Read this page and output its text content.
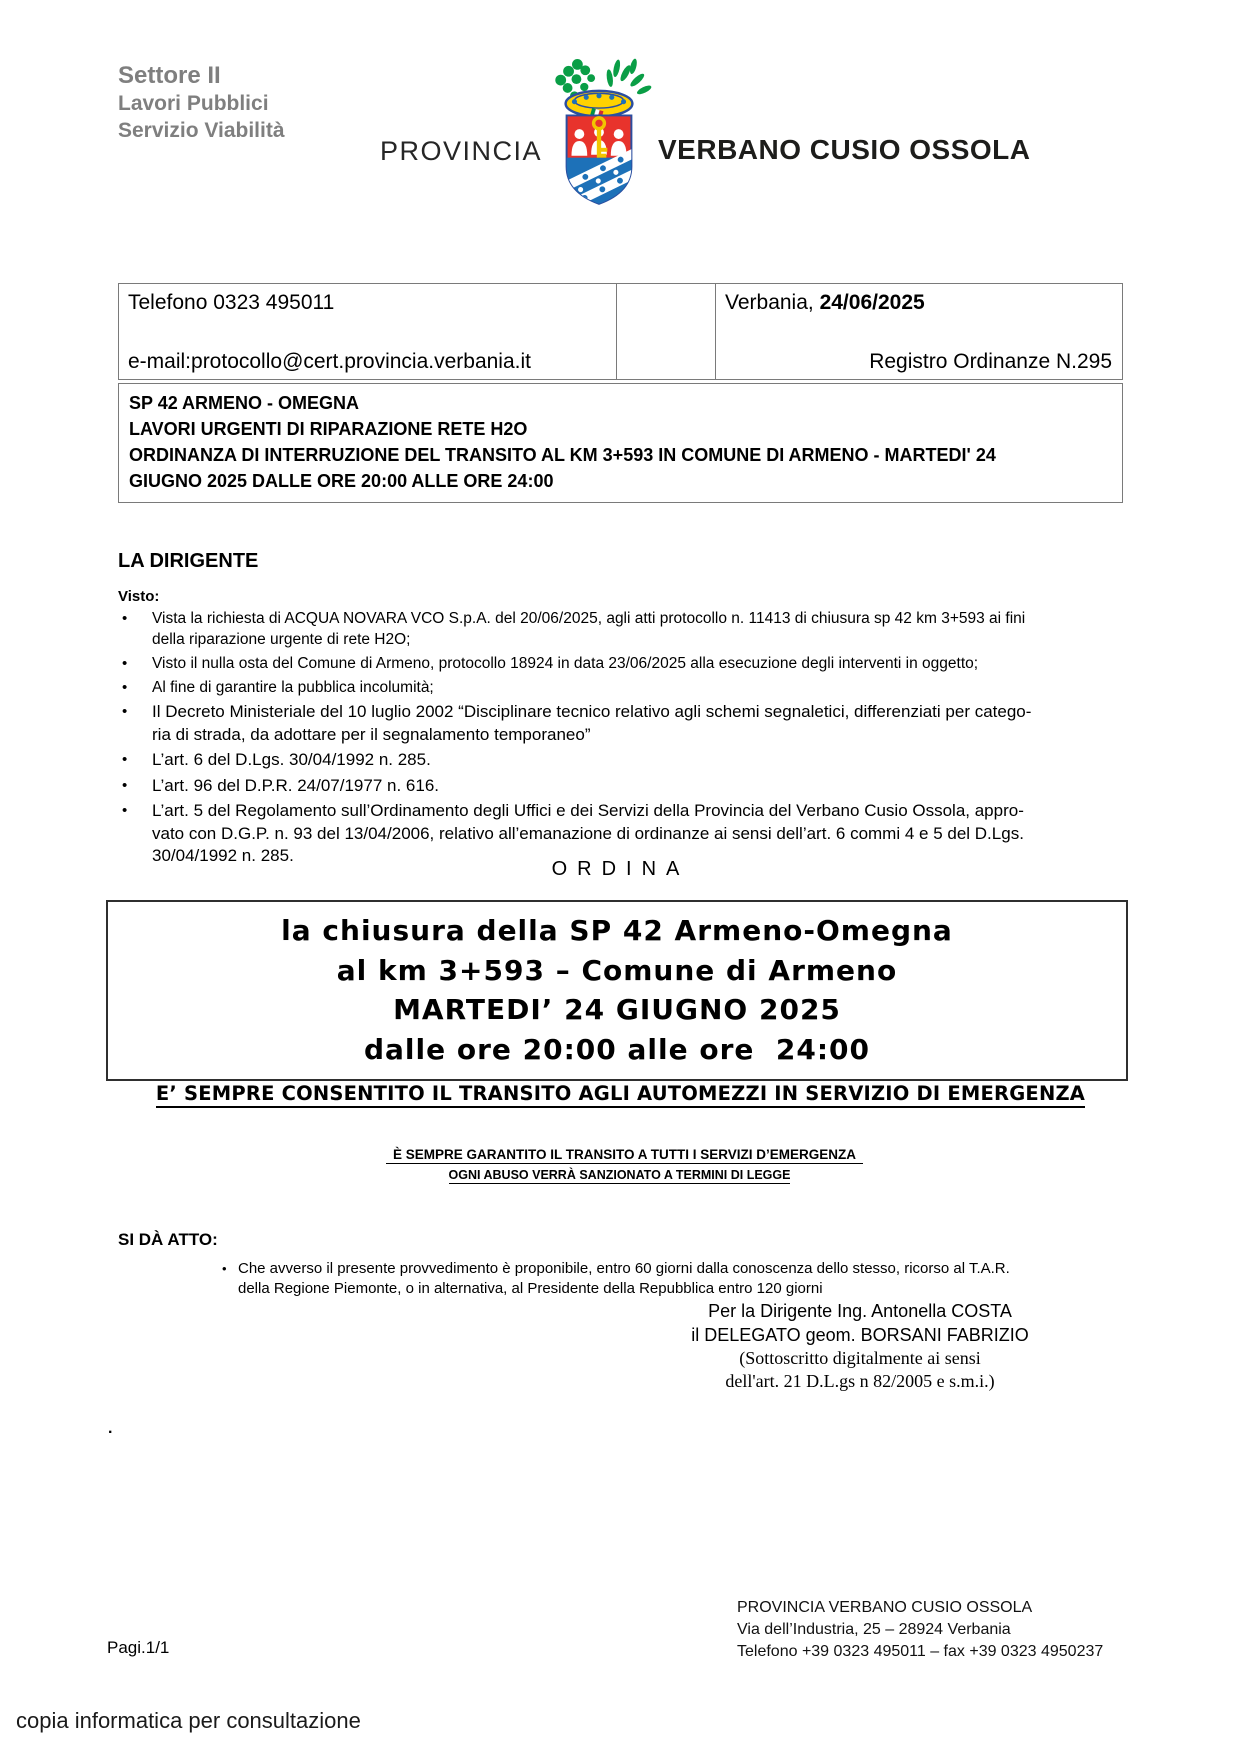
Settore II
Lavori Pubblici
Servizio Viabilità
PROVINCIA	VERBANO CUSIO OSSOLA
Telefono 0323 495011
e-mail:protocollo@cert.provincia.verbania.it
Verbania, 24/06/2025
Registro Ordinanze N.295
SP 42 ARMENO - OMEGNA
LAVORI URGENTI DI RIPARAZIONE RETE H2O
ORDINANZA DI INTERRUZIONE DEL TRANSITO AL KM 3+593 IN COMUNE DI ARMENO - MARTEDI' 24
GIUGNO 2025 DALLE ORE 20:00 ALLE ORE 24:00
LA DIRIGENTE
Visto:
•	Vista la richiesta di ACQUA NOVARA VCO S.p.A. del 20/06/2025, agli atti protocollo n. 11413 di chiusura sp 42 km 3+593 ai fini
della riparazione urgente di rete H2O;
•	Visto il nulla osta del Comune di Armeno, protocollo 18924 in data 23/06/2025 alla esecuzione degli interventi in oggetto;
•	Al fine di garantire la pubblica incolumità;
•	Il Decreto Ministeriale del 10 luglio 2002 “Disciplinare tecnico relativo agli schemi segnaletici, differenziati per catego-
ria di strada, da adottare per il segnalamento temporaneo”
•	L’art. 6 del D.Lgs. 30/04/1992 n. 285.
•	L’art. 96 del D.P.R. 24/07/1977 n. 616.
•	L’art. 5 del Regolamento sull’Ordinamento degli Uffici e dei Servizi della Provincia del Verbano Cusio Ossola, appro-
vato con D.G.P. n. 93 del 13/04/2006, relativo all’emanazione di ordinanze ai sensi dell’art. 6 commi 4 e 5 del D.Lgs.
30/04/1992 n. 285.
ORDINA
la chiusura della SP 42 Armeno-Omegna
al km 3+593 – Comune di Armeno
MARTEDI’ 24 GIUGNO 2025
dalle ore 20:00 alle ore  24:00
E’ SEMPRE CONSENTITO IL TRANSITO AGLI AUTOMEZZI IN SERVIZIO DI EMERGENZA
È SEMPRE GARANTITO IL TRANSITO A TUTTI I SERVIZI D’EMERGENZA
OGNI ABUSO VERRÀ SANZIONATO A TERMINI DI LEGGE
SI DÀ ATTO:
• Che avverso il presente provvedimento è proponibile, entro 60 giorni dalla conoscenza dello stesso, ricorso al T.A.R.
della Regione Piemonte, o in alternativa, al Presidente della Repubblica entro 120 giorni
Per la Dirigente Ing. Antonella COSTA
il DELEGATO geom. BORSANI FABRIZIO
(Sottoscritto digitalmente ai sensi
dell'art. 21 D.L.gs n 82/2005 e s.m.i.)
.
PROVINCIA VERBANO CUSIO OSSOLA
Via dell’Industria, 25 – 28924 Verbania
Telefono +39 0323 495011 – fax +39 0323 4950237
Pagi.1/1
copia informatica per consultazione
